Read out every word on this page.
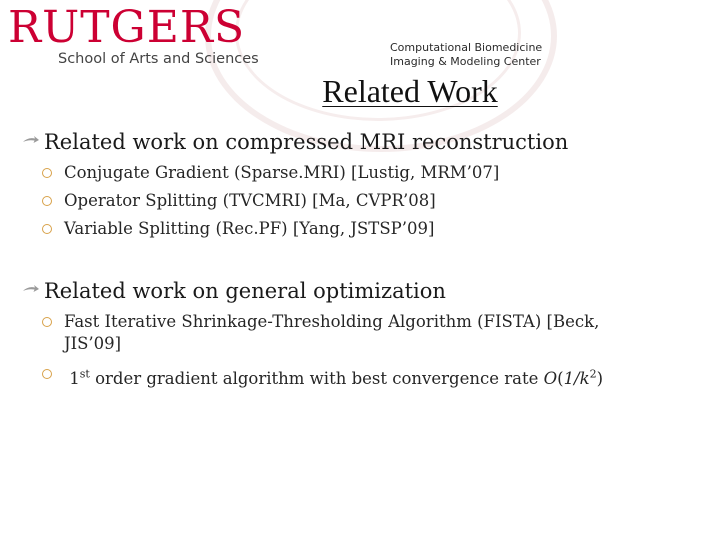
RUTGERS
School of Arts and Sciences
Computational Biomedicine
Imaging & Modeling Center
Related Work
Related work on compressed MRI reconstruction
Conjugate Gradient (Sparse.MRI) [Lustig, MRM’07]
Operator Splitting (TVCMRI) [Ma, CVPR’08]
Variable Splitting (Rec.PF) [Yang, JSTSP’09]
Related work on general optimization
Fast Iterative Shrinkage-Thresholding Algorithm (FISTA) [Beck, JIS’09]
1st order gradient algorithm with best convergence rate $O(1/k^2)$
